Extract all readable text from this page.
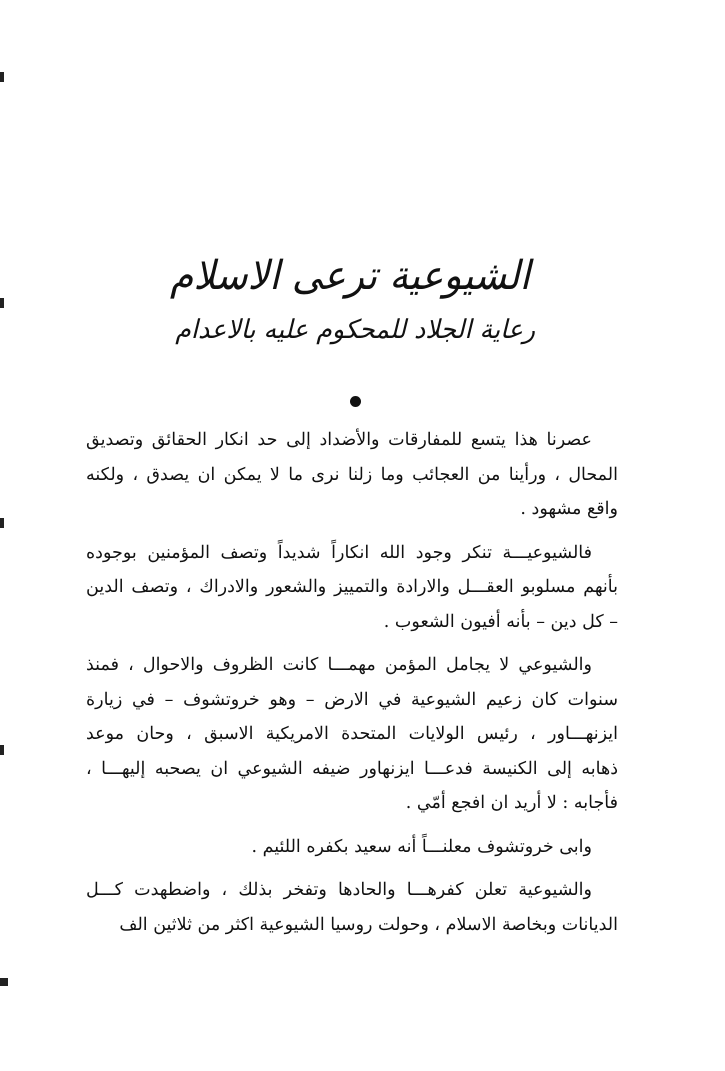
الشيوعية ترعى الاسلام
رعاية الجلاد للمحكوم عليه بالاعدام

عصرنا هذا يتسع للمفارقات والأضداد إلى حد انكار الحقائق وتصديق
المحال ، ورأينا من العجائب وما زلنا نرى ما لا يمكن ان يصدق ، ولكنه
واقع مشهود .

فالشيوعيـــة تنكر وجود الله انكاراً شديداً وتصف المؤمنين بوجوده
بأنهم مسلوبو العقـــل والارادة والتمييز والشعور والادراك ، وتصف الدين
– كل دين – بأنه أفيون الشعوب .

والشيوعي لا يجامل المؤمن مهمـــا كانت الظروف والاحوال ، فمنذ
سنوات كان زعيم الشيوعية في الارض – وهو خروتشوف – في زيارة
ايزنهـــاور ، رئيس الولايات المتحدة الامريكية الاسبق ، وحان موعد
ذهابه إلى الكنيسة فدعـــا ايزنهاور ضيفه الشيوعي ان يصحبه إليهـــا ،
فأجابه : لا أريد ان افجع أمّي .

وابى خروتشوف معلنـــاً أنه سعيد بكفره اللئيم .

والشيوعية تعلن كفرهـــا والحادها وتفخر بذلك ، واضطهدت كـــل
الديانات وبخاصة الاسلام ، وحولت روسيا الشيوعية اكثر من ثلاثين الف
